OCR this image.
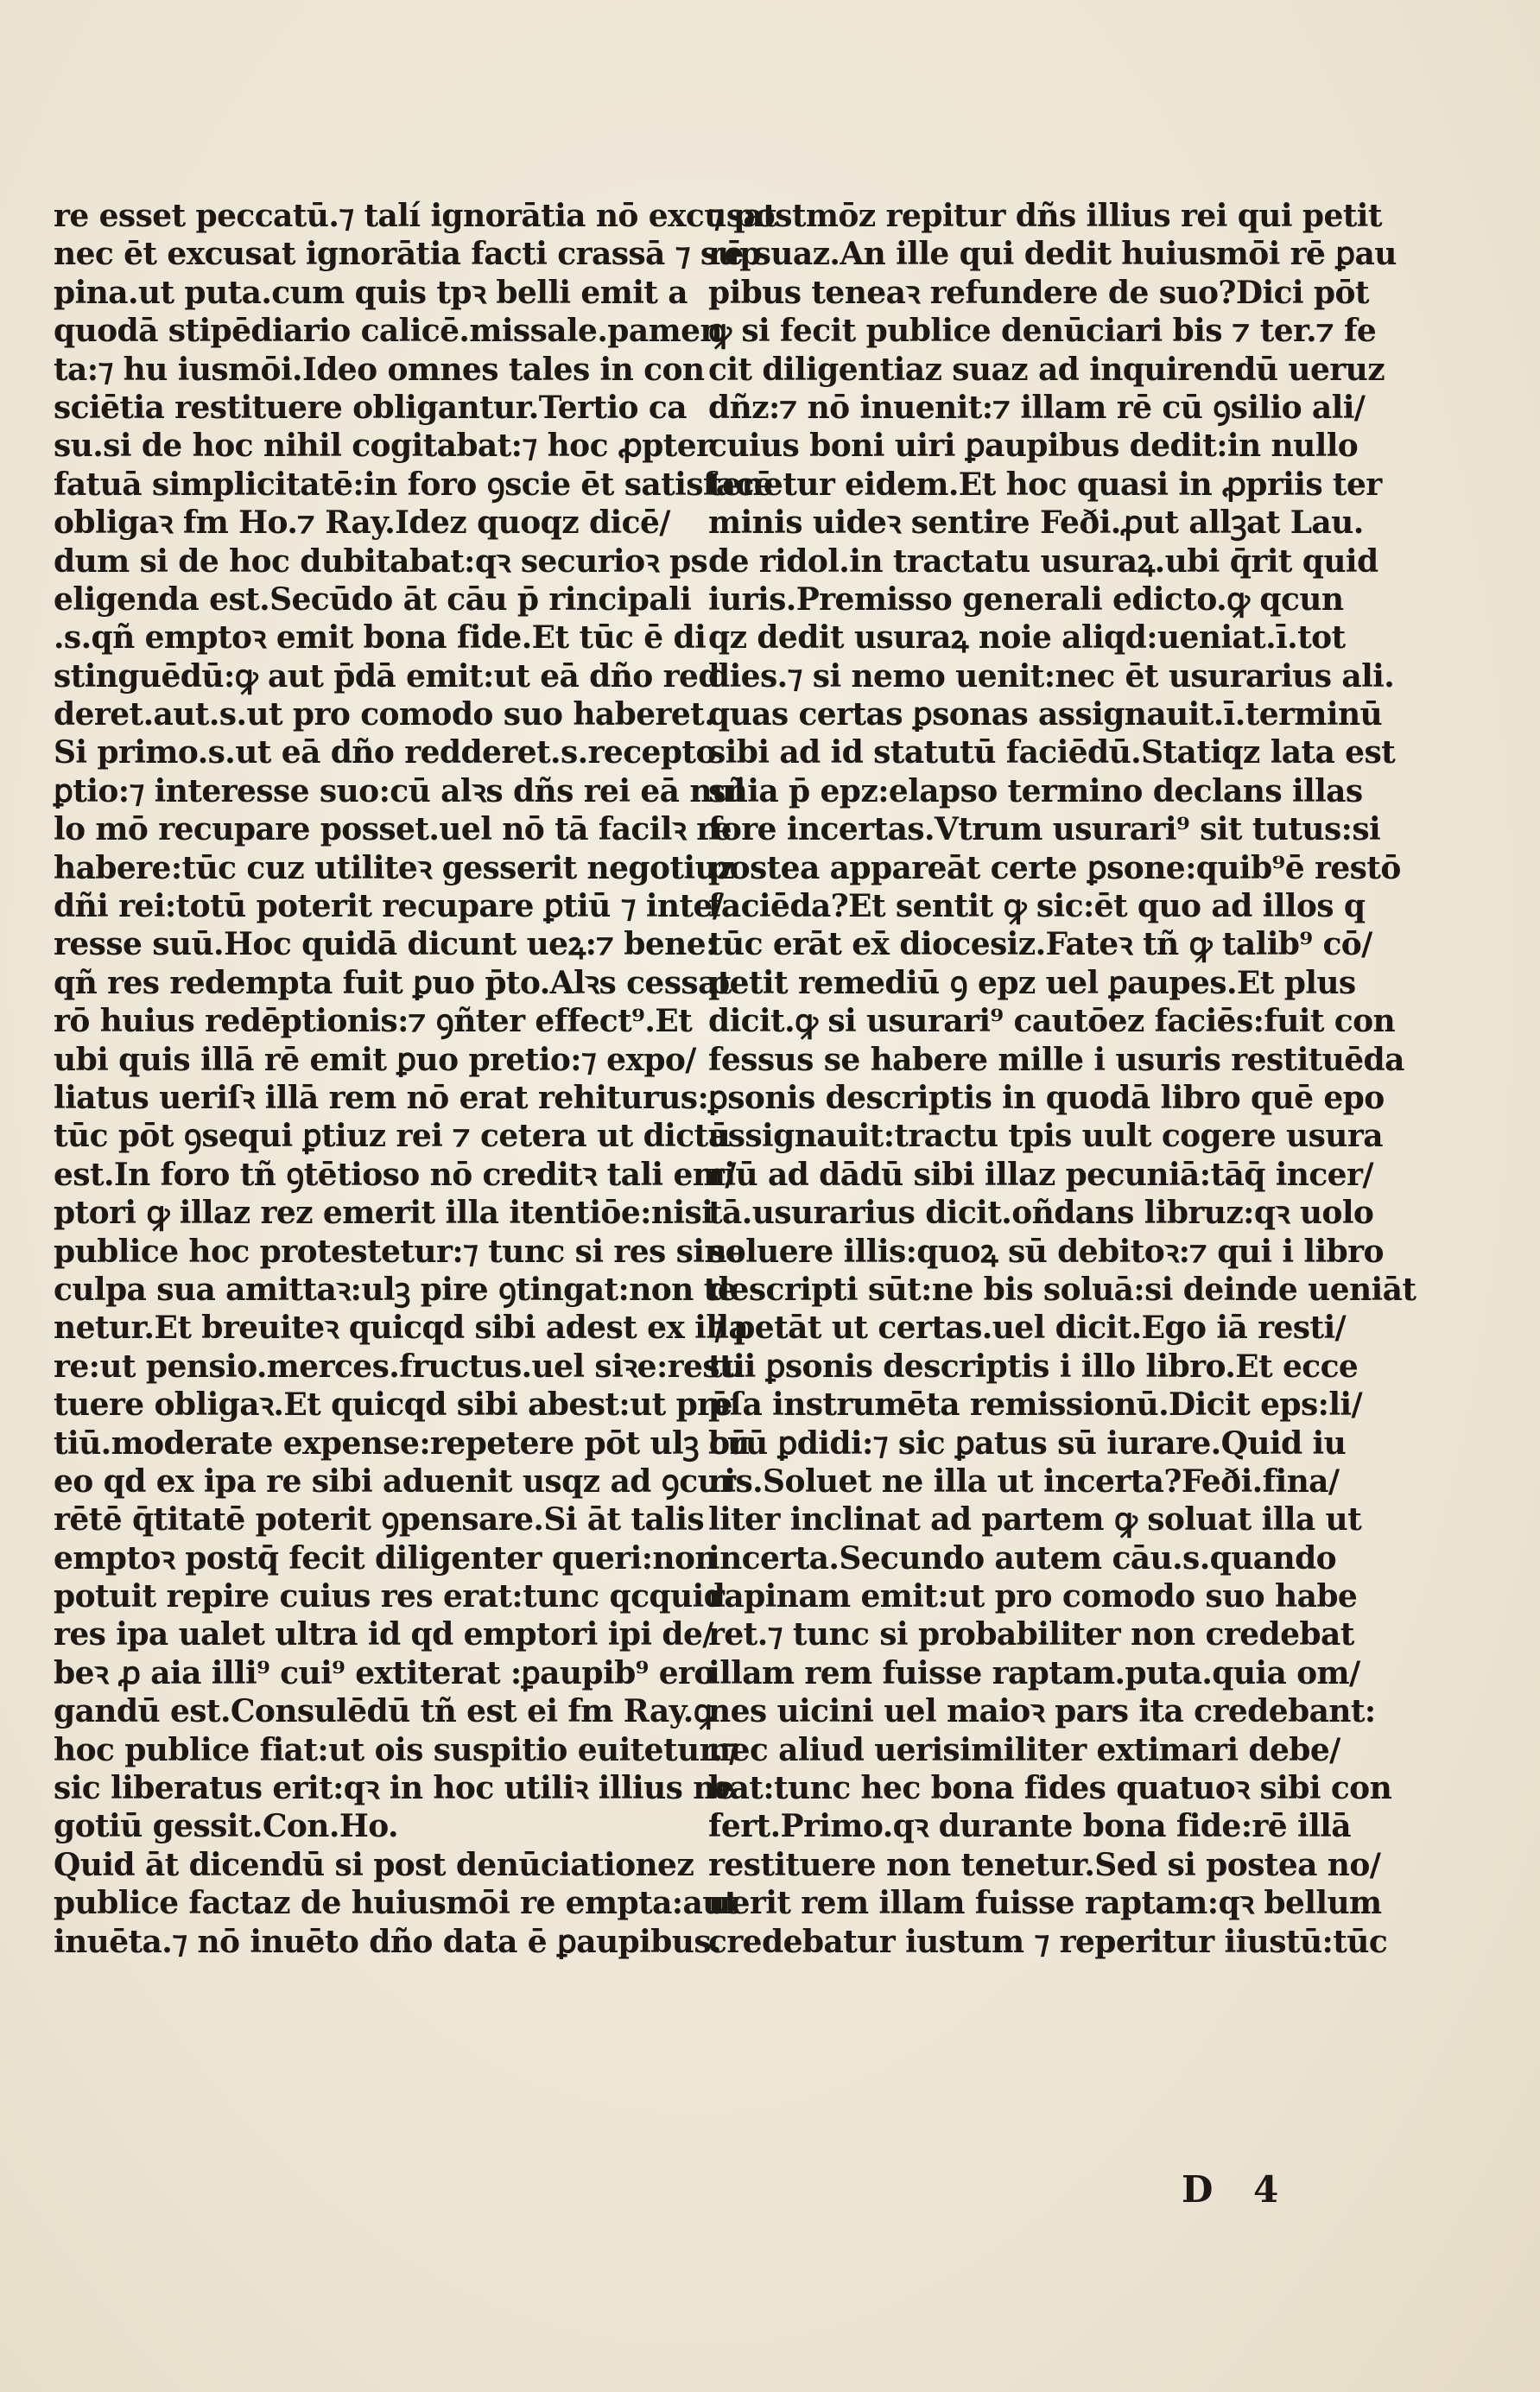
re esset peccatū.⁊ talí ignorātia nō excusat
nec ēt excusat ignorātia facti crassā ⁊ sup
pina.ut puta.cum quis tpꝛ belli emit a
quodā stipēdiario calicē.missale.pamen
ta:⁊ hu iusmōi.Ideo omnes tales in con
sciētia restituere obligantur.Tertio ca
su.si de hoc nihil cogitabat:⁊ hoc ꝓpter
fatuā simplicitatē:in foro ꝯscie ēt satisfacē
obligaꝛ fm Ho.⁊ Ray.Idez quoqz dicē/
dum si de hoc dubitabat:qꝛ securioꝛ ps
eligenda est.Secūdo āt cāu p̄ rincipali
.s.qñ emptoꝛ emit bona fide.Et tūc ē di
stinguēdū:ꝙ aut p̄dā emit:ut eā dño red
deret.aut.s.ut pro comodo suo haberet.
Si primo.s.ut eā dño redderet.s.recepto
ꝑtio:⁊ interesse suo:cū alꝛs dñs rei eā nul
lo mō recupare posset.uel nō tā facilꝛ re
habere:tūc cuz utiliteꝛ gesserit negotiuz
dñi rei:totū poterit recupare ꝑtiū ⁊ inte/
resse suū.Hoc quidā dicunt ueꝝ:⁊ bene:
qñ res redempta fuit ꝑuo p̄to.Alꝛs cessat
rō huius redēptionis:⁊ ꝯñter effect⁹.Et
ubi quis illā rē emit ꝑuo pretio:⁊ expo/
liatus ueriſꝛ illā rem nō erat rehiturus:
tūc pōt ꝯsequi ꝑtiuz rei ⁊ cetera ut dictū
est.In foro tñ ꝯtētioso nō creditꝛ tali em/
ptori ꝙ illaz rez emerit illa itentiōe:nisi
publice hoc protestetur:⁊ tunc si res sine
culpa sua amittaꝛ:ulꝫ pire ꝯtingat:non te
netur.Et breuiteꝛ quicqd sibi adest ex illa
re:ut pensio.merces.fructus.uel siꝛe:resti
tuere obligaꝛ.Et quicqd sibi abest:ut pre
tiū.moderate expense:repetere pōt ulꝫ cū
eo qd ex ipa re sibi aduenit usqz ad ꝯcur
rētē q̄titatē poterit ꝯpensare.Si āt talis
emptoꝛ postq̄ fecit diligenter queri:non
potuit repire cuius res erat:tunc qcquid
res ipa ualet ultra id qd emptori ipi de/
beꝛ ꝓ aia illi⁹ cui⁹ extiterat :ꝑaupib⁹ ero
gandū est.Consulēdū tñ est ei fm Ray.ꝙ
hoc publice fiat:ut ois suspitio euitetur.⁊
sic liberatus erit:qꝛ in hoc utiliꝛ illius ne
gotiū gessit.Con.Ho.
Quid āt dicendū si post denūciationez
publice factaz de huiusmōi re empta:aut
inuēta.⁊ nō inuēto dño data ē ꝑaupibus.
⁊ postmōz repitur dñs illius rei qui petit
rē suaz.An ille qui dedit huiusmōi rē ꝑau
pibus teneaꝛ refundere de suo?Dici pōt
ꝙ si fecit publice denūciari bis ⁊ ter.⁊ fe
cit diligentiaz suaz ad inquirendū ueruz
dñz:⁊ nō inuenit:⁊ illam rē cū ꝯsilio ali/
cuius boni uiri ꝑaupibus dedit:in nullo
tenetur eidem.Et hoc quasi in ꝓpriis ter
minis uideꝛ sentire Feði.ꝓut allꝫat Lau.
de ridol.in tractatu usuraꝝ.ubi q̄rit quid
iuris.Premisso generali edicto.ꝙ qcun
qz dedit usuraꝝ noie aliqd:ueniat.ī.tot
dies.⁊ si nemo uenit:nec ēt usurarius ali.
quas certas ꝑsonas assignauit.ī.terminū
sibi ad id statutū faciēdū.Statiqz lata est
sñia p̄ epz:elapso termino declans illas
fore incertas.Vtrum usurari⁹ sit tutus:si
postea appareāt certe ꝑsone:quib⁹ē restō
faciēda?Et sentit ꝙ sic:ēt quo ad illos q
tūc erāt ex̄ diocesiz.Fateꝛ tñ ꝙ talib⁹ cō/
petit remediū ꝯ epz uel ꝑaupes.Et plus
dicit.ꝙ si usurari⁹ cautōez faciēs:fuit con
fessus se habere mille i usuris restituēda
ꝑsonis descriptis in quodā libro quē epo
assignauit:tractu tpis uult cogere usura
riū ad dādū sibi illaz pecuniā:tāq̄ incer/
tā.usurarius dicit.oñdans libruz:qꝛ uolo
soluere illis:quoꝝ sū debitoꝛ:⁊ qui i libro
descripti sūt:ne bis soluā:si deinde ueniāt
⁊ petāt ut certas.uel dicit.Ego iā resti/
tui ꝑsonis descriptis i illo libro.Et ecce
p̄ſa instrumēta remissionū.Dicit eps:li/
brū ꝑdidi:⁊ sic ꝑatus sū iurare.Quid iu
ris.Soluet ne illa ut incerta?Feði.fina/
liter inclinat ad partem ꝙ soluat illa ut
incerta.Secundo autem cāu.s.quando
rapinam emit:ut pro comodo suo habe
ret.⁊ tunc si probabiliter non credebat
illam rem fuisse raptam.puta.quia om/
nes uicini uel maioꝛ pars ita credebant:
nec aliud uerisimiliter extimari debe/
bat:tunc hec bona fides quatuoꝛ sibi con
fert.Primo.qꝛ durante bona fide:rē illā
restituere non tenetur.Sed si postea no/
uerit rem illam fuisse raptam:qꝛ bellum
credebatur iustum ⁊ reperitur iiustū:tūc
D 4
